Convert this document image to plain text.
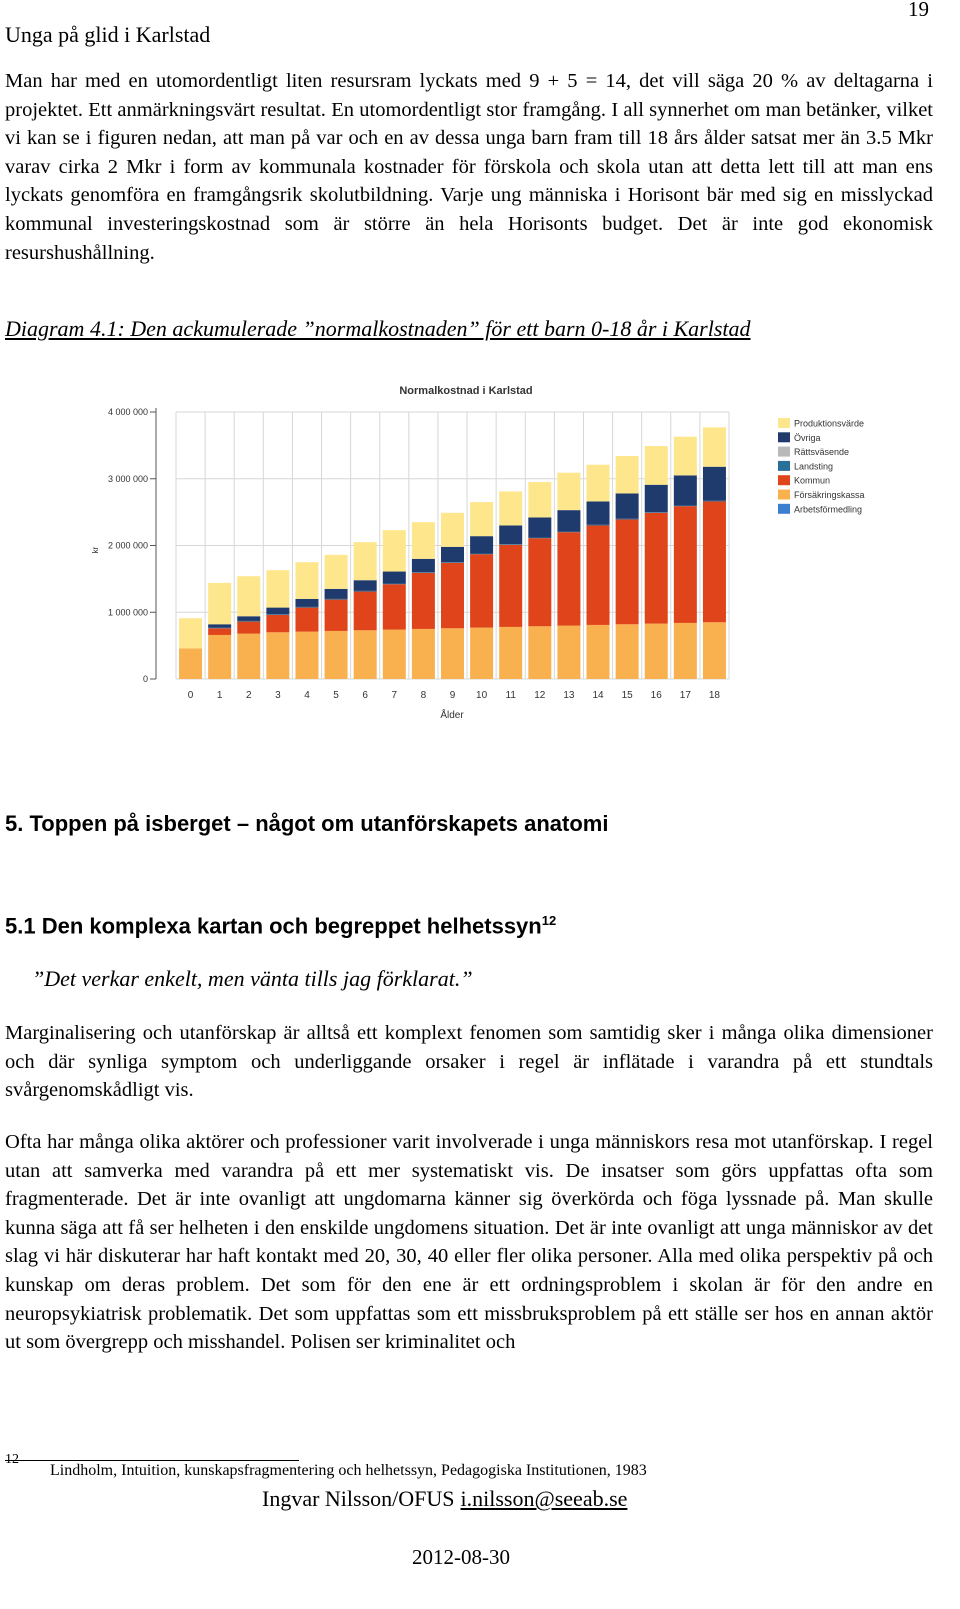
Unga på glid i Karlstad
19
Man har med en utomordentligt liten resursram lyckats med 9 + 5 = 14, det vill säga 20 % av deltagarna i projektet. Ett anmärkningsvärt resultat. En utomordentligt stor framgång. I all synnerhet om man betänker, vilket vi kan se i figuren nedan, att man på var och en av dessa unga barn fram till 18 års ålder satsat mer än 3.5 Mkr varav cirka 2 Mkr i form av kommunala kostnader för förskola och skola utan att detta lett till att man ens lyckats genomföra en framgångsrik skolutbildning. Varje ung människa i Horisont bär med sig en misslyckad kommunal investeringskostnad som är större än hela Horisonts budget. Det är inte god ekonomisk resurshushållning.
Diagram 4.1: Den ackumulerade ”normalkostnaden” för ett barn 0-18 år i Karlstad
0
1 000 000
2 000 000
3 000 000
4 000 000
0 1 2 3 4 5 6 7 8 9 10 11 12 13 14 15 16 17 18
Normalkostnad i Karlstad
Ålder
kr
Produktionsvärde
Övriga
Rättsväsende
Landsting
Kommun
Försäkringskassa
Arbetsförmedling
5. Toppen på isberget – något om utanförskapets anatomi
5.1 Den komplexa kartan och begreppet helhetssyn$^{12}$
”Det verkar enkelt, men vänta tills jag förklarat.”
Marginalisering och utanförskap är alltså ett komplext fenomen som samtidig sker i många olika dimensioner och där synliga symptom och underliggande orsaker i regel är inflätade i varandra på ett stundtals svårgenomskådligt vis.
Ofta har många olika aktörer och professioner varit involverade i unga människors resa mot utanförskap. I regel utan att samverka med varandra på ett mer systematiskt vis. De insatser som görs uppfattas ofta som fragmenterade. Det är inte ovanligt att ungdomarna känner sig överkörda och föga lyssnade på. Man skulle kunna säga att få ser helheten i den enskilde ungdomens situation. Det är inte ovanligt att unga människor av det slag vi här diskuterar har haft kontakt med 20, 30, 40 eller fler olika personer. Alla med olika perspektiv på och kunskap om deras problem. Det som för den ene är ett ordningsproblem i skolan är för den andre en neuropsykiatrisk problematik. Det som uppfattas som ett missbruksproblem på ett ställe ser hos en annan aktör ut som övergrepp och misshandel. Polisen ser kriminalitet och
12
Lindholm, Intuition, kunskapsfragmentering och helhetssyn, Pedagogiska Institutionen, 1983
Ingvar Nilsson/OFUS i.nilsson@seeab.se
2012-08-30
